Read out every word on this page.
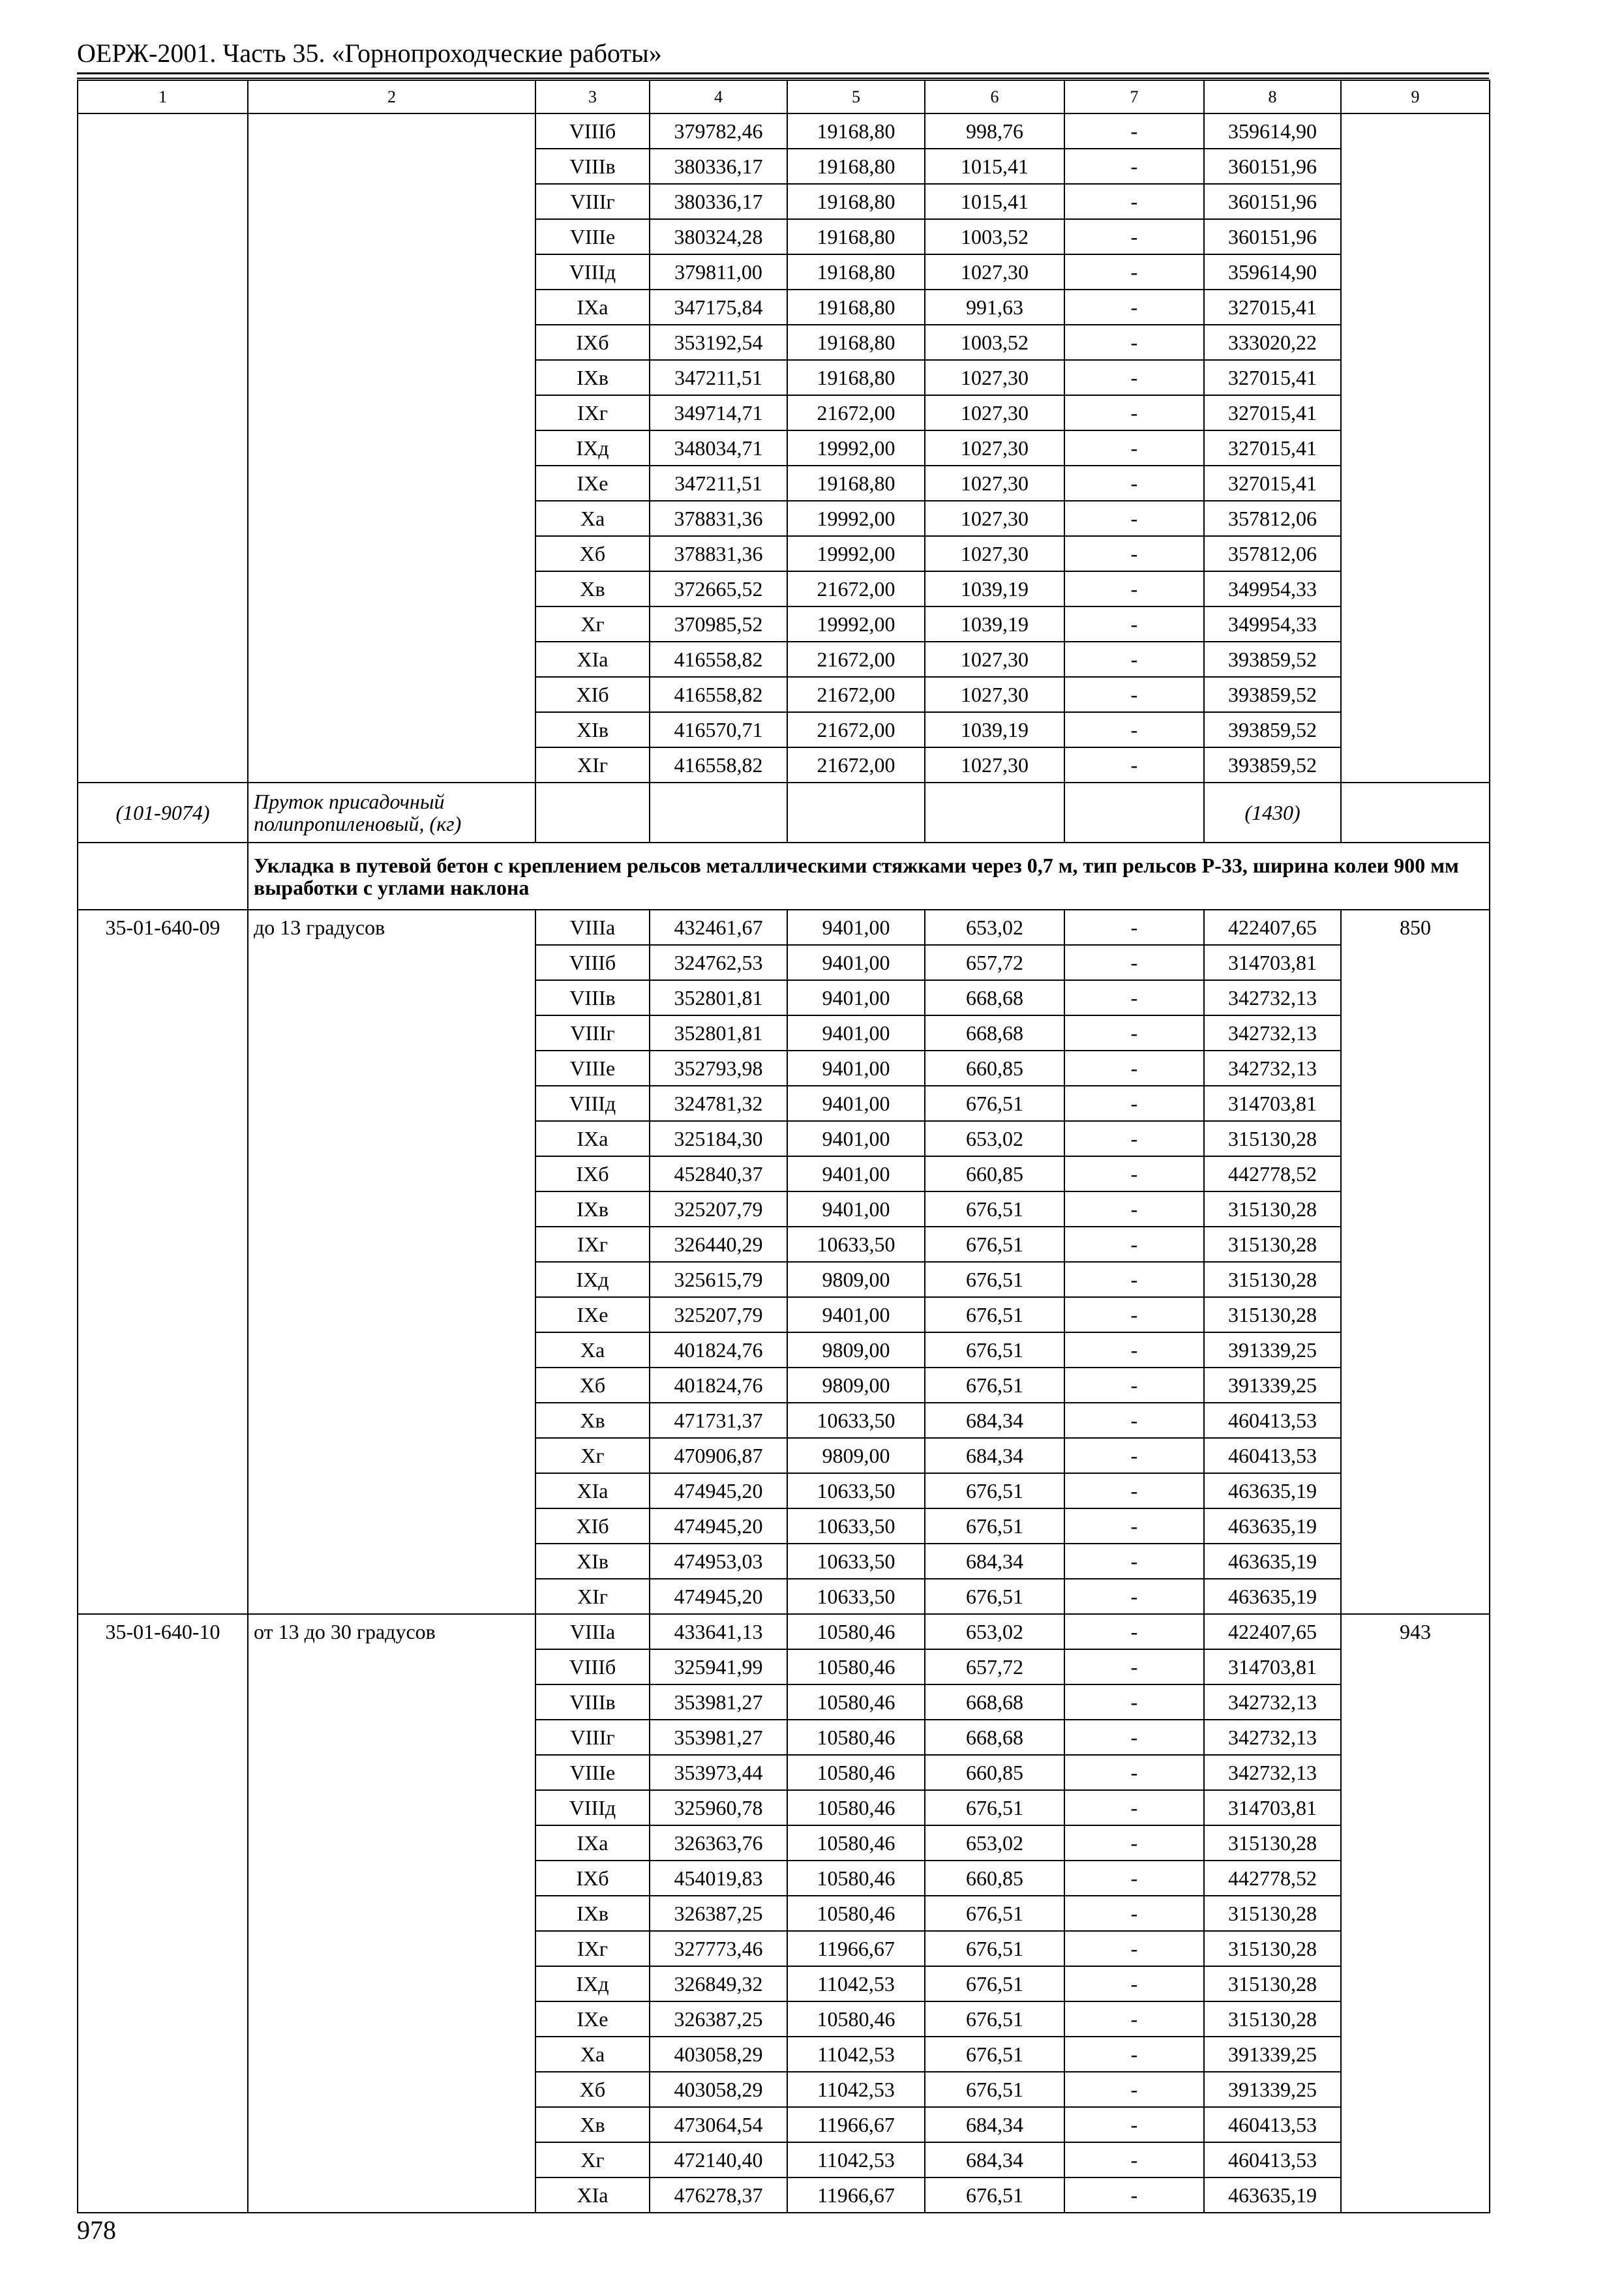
ОЕРЖ-2001. Часть 35. «Горнопроходческие работы»
1	2	3	4	5	6	7	8	9
		VIIIб	379782,46	19168,80	998,76	-	359614,90	
		VIIIв	380336,17	19168,80	1015,41	-	360151,96	
		VIIIг	380336,17	19168,80	1015,41	-	360151,96	
		VIIIе	380324,28	19168,80	1003,52	-	360151,96	
		VIIIд	379811,00	19168,80	1027,30	-	359614,90	
		IXа	347175,84	19168,80	991,63	-	327015,41	
		IXб	353192,54	19168,80	1003,52	-	333020,22	
		IXв	347211,51	19168,80	1027,30	-	327015,41	
		IXг	349714,71	21672,00	1027,30	-	327015,41	
		IXд	348034,71	19992,00	1027,30	-	327015,41	
		IXе	347211,51	19168,80	1027,30	-	327015,41	
		Xа	378831,36	19992,00	1027,30	-	357812,06	
		Xб	378831,36	19992,00	1027,30	-	357812,06	
		Xв	372665,52	21672,00	1039,19	-	349954,33	
		Xг	370985,52	19992,00	1039,19	-	349954,33	
		XIа	416558,82	21672,00	1027,30	-	393859,52	
		XIб	416558,82	21672,00	1027,30	-	393859,52	
		XIв	416570,71	21672,00	1039,19	-	393859,52	
		XIг	416558,82	21672,00	1027,30	-	393859,52	
(101-9074)	Пруток присадочный полипропиленовый, (кг)						(1430)	
	Укладка в путевой бетон с креплением рельсов металлическими стяжками через 0,7 м, тип рельсов Р-33, ширина колеи 900 мм выработки с углами наклона							
35-01-640-09	до 13 градусов	VIIIа	432461,67	9401,00	653,02	-	422407,65	850
		VIIIб	324762,53	9401,00	657,72	-	314703,81	
		VIIIв	352801,81	9401,00	668,68	-	342732,13	
		VIIIг	352801,81	9401,00	668,68	-	342732,13	
		VIIIе	352793,98	9401,00	660,85	-	342732,13	
		VIIIд	324781,32	9401,00	676,51	-	314703,81	
		IXа	325184,30	9401,00	653,02	-	315130,28	
		IXб	452840,37	9401,00	660,85	-	442778,52	
		IXв	325207,79	9401,00	676,51	-	315130,28	
		IXг	326440,29	10633,50	676,51	-	315130,28	
		IXд	325615,79	9809,00	676,51	-	315130,28	
		IXе	325207,79	9401,00	676,51	-	315130,28	
		Xа	401824,76	9809,00	676,51	-	391339,25	
		Xб	401824,76	9809,00	676,51	-	391339,25	
		Xв	471731,37	10633,50	684,34	-	460413,53	
		Xг	470906,87	9809,00	684,34	-	460413,53	
		XIа	474945,20	10633,50	676,51	-	463635,19	
		XIб	474945,20	10633,50	676,51	-	463635,19	
		XIв	474953,03	10633,50	684,34	-	463635,19	
		XIг	474945,20	10633,50	676,51	-	463635,19	
35-01-640-10	от 13 до 30 градусов	VIIIа	433641,13	10580,46	653,02	-	422407,65	943
		VIIIб	325941,99	10580,46	657,72	-	314703,81	
		VIIIв	353981,27	10580,46	668,68	-	342732,13	
		VIIIг	353981,27	10580,46	668,68	-	342732,13	
		VIIIе	353973,44	10580,46	660,85	-	342732,13	
		VIIIд	325960,78	10580,46	676,51	-	314703,81	
		IXа	326363,76	10580,46	653,02	-	315130,28	
		IXб	454019,83	10580,46	660,85	-	442778,52	
		IXв	326387,25	10580,46	676,51	-	315130,28	
		IXг	327773,46	11966,67	676,51	-	315130,28	
		IXд	326849,32	11042,53	676,51	-	315130,28	
		IXе	326387,25	10580,46	676,51	-	315130,28	
		Xа	403058,29	11042,53	676,51	-	391339,25	
		Xб	403058,29	11042,53	676,51	-	391339,25	
		Xв	473064,54	11966,67	684,34	-	460413,53	
		Xг	472140,40	11042,53	684,34	-	460413,53	
		XIа	476278,37	11966,67	676,51	-	463635,19	
978
